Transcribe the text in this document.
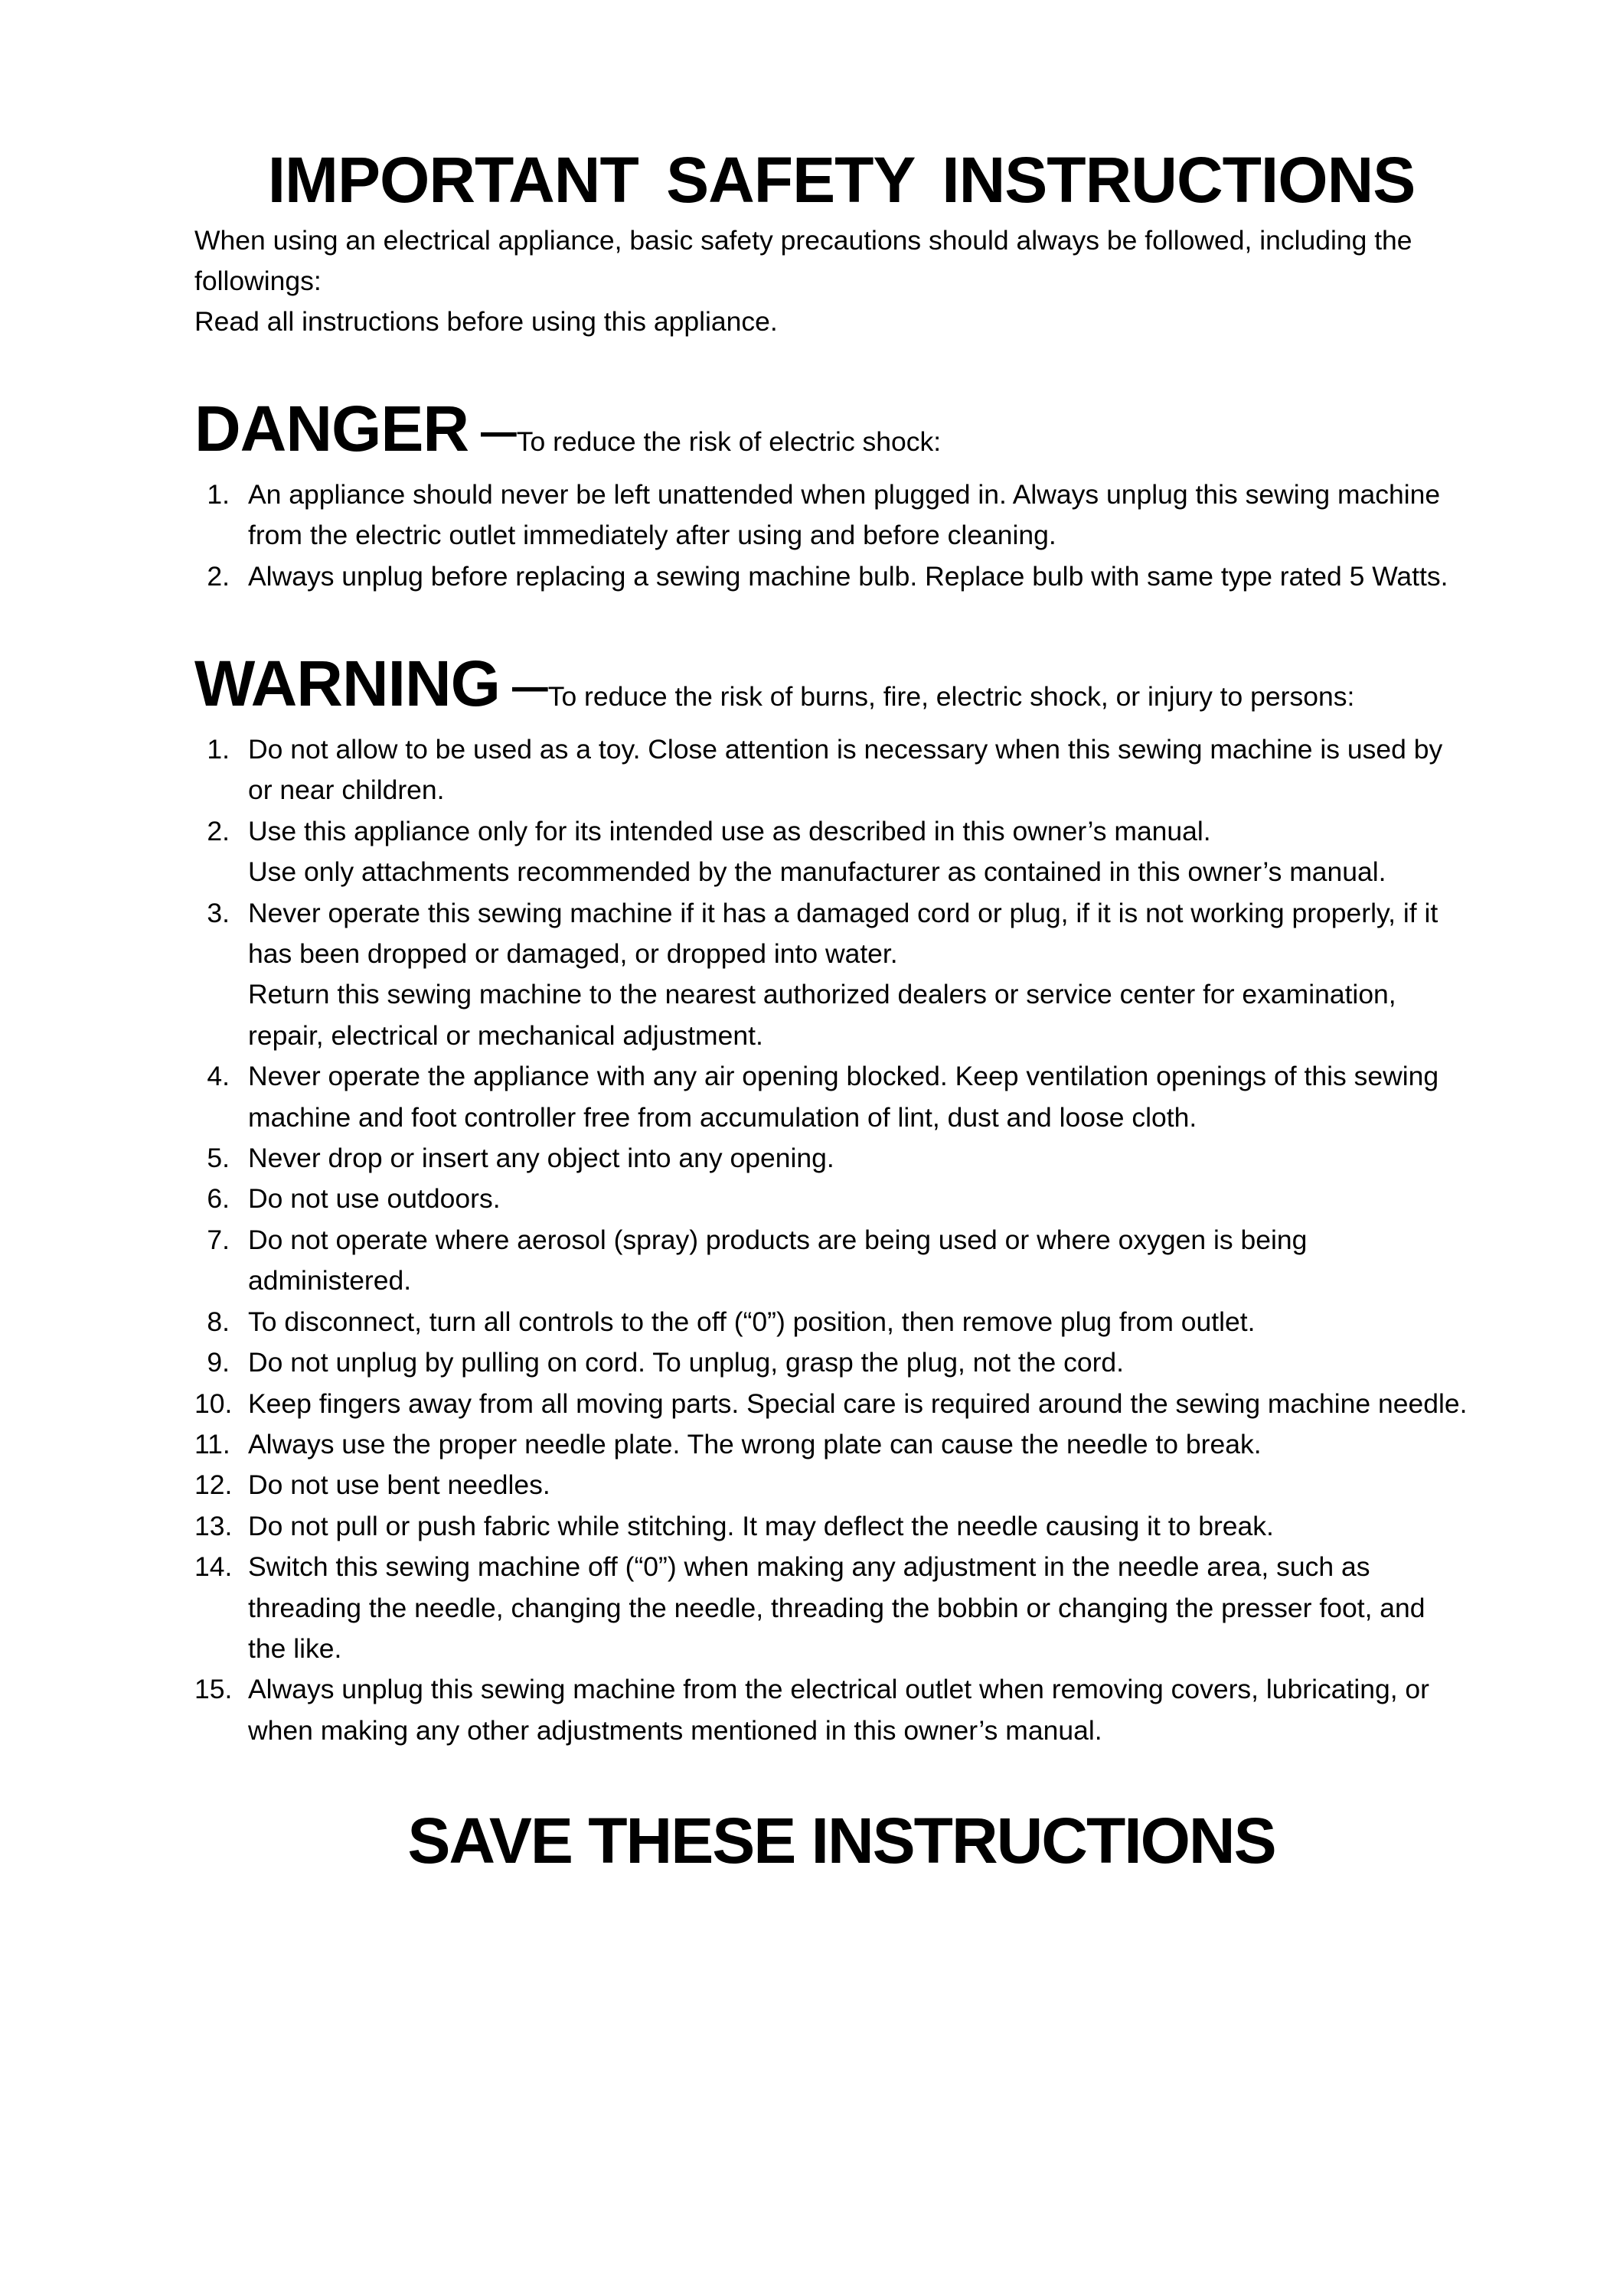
IMPORTANT SAFETY INSTRUCTIONS

When using an electrical appliance, basic safety precautions should always be followed, including the followings:

Read all instructions before using this appliance.

DANGER –To reduce the risk of electric shock:
1. An appliance should never be left unattended when plugged in. Always unplug this sewing machine
from the electric outlet immediately after using and before cleaning.
2. Always unplug before replacing a sewing machine bulb. Replace bulb with same type rated 5 Watts.
WARNING –To reduce the risk of burns, fire, electric shock, or injury to persons:
1. Do not allow to be used as a toy. Close attention is necessary when this sewing machine is used by
or near children.
2. Use this appliance only for its intended use as described in this owner’s manual.
Use only attachments recommended by the manufacturer as contained in this owner’s manual.
3. Never operate this sewing machine if it has a damaged cord or plug, if it is not working properly, if it
has been dropped or damaged, or dropped into water.
Return this sewing machine to the nearest authorized dealers or service center for examination,
repair, electrical or mechanical adjustment.
4. Never operate the appliance with any air opening blocked. Keep ventilation openings of this sewing
machine and foot controller free from accumulation of lint, dust and loose cloth.
5. Never drop or insert any object into any opening.
6. Do not use outdoors.
7. Do not operate where aerosol (spray) products are being used or where oxygen is being
administered.
8. To disconnect, turn all controls to the off (“0”) position, then remove plug from outlet.
9. Do not unplug by pulling on cord. To unplug, grasp the plug, not the cord.
10. Keep fingers away from all moving parts. Special care is required around the sewing machine needle.
11. Always use the proper needle plate. The wrong plate can cause the needle to break.
12. Do not use bent needles.
13. Do not pull or push fabric while stitching. It may deflect the needle causing it to break.
14. Switch this sewing machine off (“0”) when making any adjustment in the needle area, such as
threading the needle, changing the needle, threading the bobbin or changing the presser foot, and
the like.
15. Always unplug this sewing machine from the electrical outlet when removing covers, lubricating, or
when making any other adjustments mentioned in this owner’s manual.
SAVE THESE INSTRUCTIONS
